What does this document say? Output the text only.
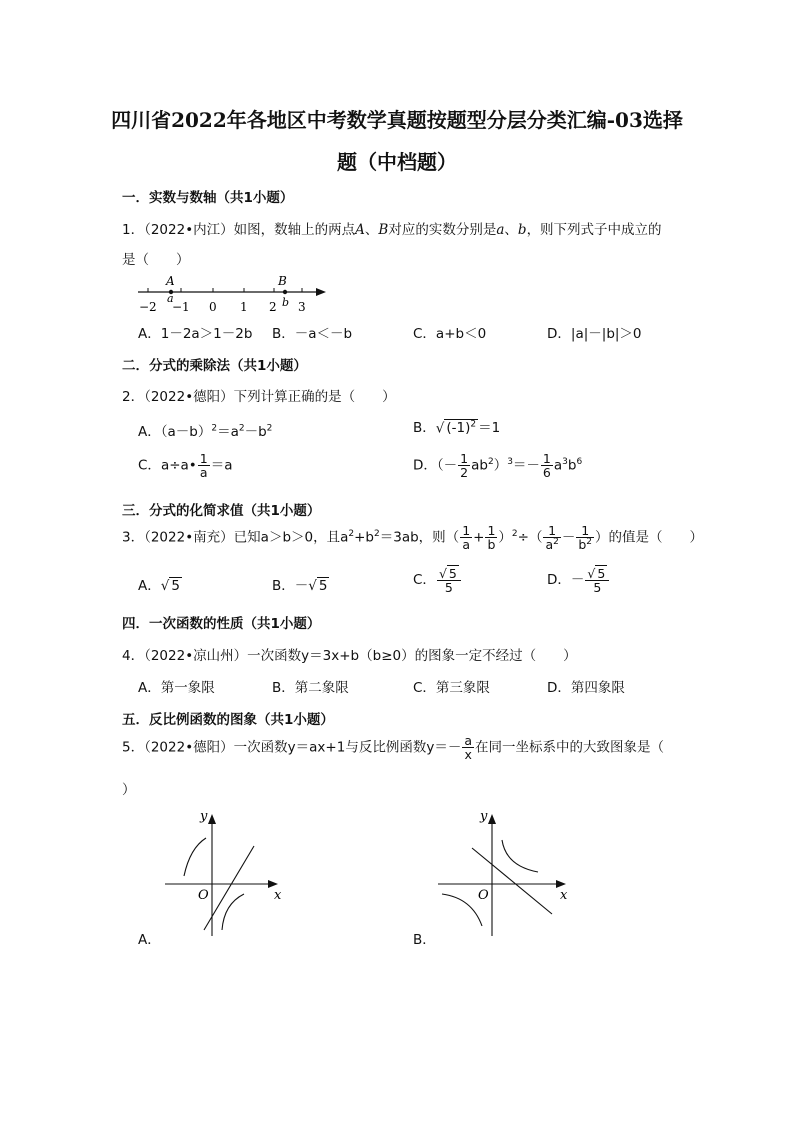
四川省2022年各地区中考数学真题按题型分层分类汇编-03选择
题（中档题）
一．实数与数轴（共1小题）
1．（2022•内江）如图，数轴上的两点A、B对应的实数分别是a、b，则下列式子中成立的
是（　　）
A	B
a	b
−2 −1 0 1 2 3
A．1－2a＞1－2b B．－a＜－b	C．a+b＜0	D．|a|－|b|＞0
二．分式的乘除法（共1小题）
2．（2022•德阳）下列计算正确的是（　　）
A．$(a-b)^2=a^2-b^2$	B．√ $(-1)^2 =1$
C．a÷a• $\frac{1}{a} =a$	D．（－ $\frac{1}{2} ab^2)^3=- \frac{1}{6} a^3b^6$
三．分式的化简求值（共1小题）
3．（2022•南充）已知a＞b＞0，且$a^2+b^2=3ab$，则（ $\frac{1}{a} + \frac{1}{b} )^2\div( \frac{1}{a^2} - \frac{1}{b^2}$ ）的值是（　　）
A．√ 5	B．－√ 5	C． $\frac{√ 5}{5}$	D．－ $\frac{√ 5}{5}$
四．一次函数的性质（共1小题）
4．（2022•凉山州）一次函数y＝3x+b（b≥0）的图象一定不经过（　　）
A．第一象限	B．第二象限	C．第三象限	D．第四象限
五．反比例函数的图象（共1小题）
5．（2022•德阳）一次函数y＝ax+1与反比例函数$y=- \frac{a}{x}$ 在同一坐标系中的大致图象是（
）
y
x
O
A．
y
x
O
B．
